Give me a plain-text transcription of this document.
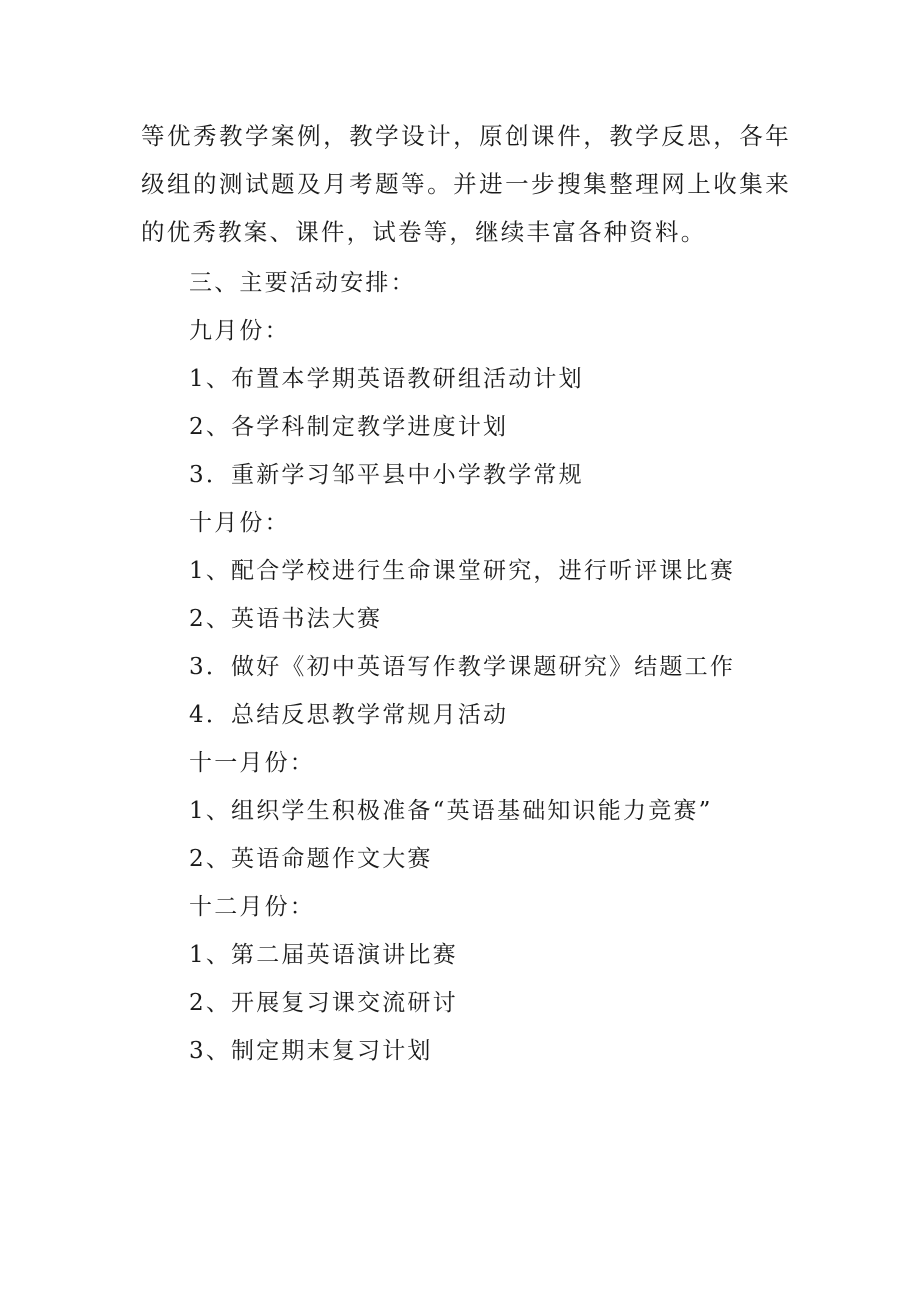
等优秀教学案例，教学设计，原创课件，教学反思，各年级组的测试题及月考题等。并进一步搜集整理网上收集来的优秀教案、课件，试卷等，继续丰富各种资料。

三、主要活动安排：
九月份：
1、布置本学期英语教研组活动计划
2、各学科制定教学进度计划
3．重新学习邹平县中小学教学常规
十月份：
1、配合学校进行生命课堂研究，进行听评课比赛
2、英语书法大赛
3．做好《初中英语写作教学课题研究》结题工作
4．总结反思教学常规月活动
十一月份：
1、组织学生积极准备“英语基础知识能力竞赛”
2、英语命题作文大赛
十二月份：
1、第二届英语演讲比赛
2、开展复习课交流研讨
3、制定期末复习计划
